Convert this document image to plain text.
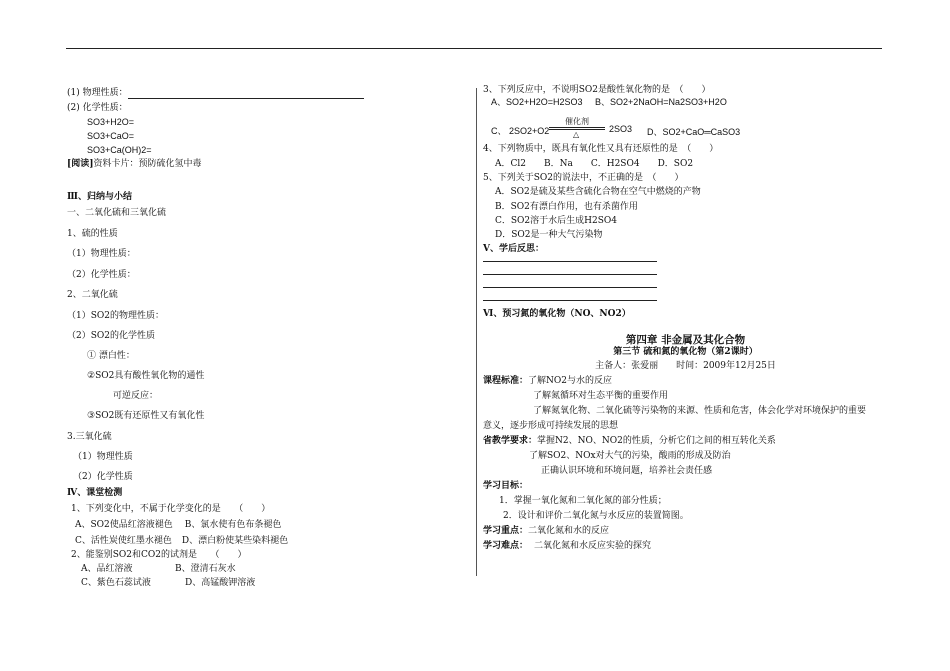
(1) 物理性质：
(2) 化学性质：
SO3+H2O=
SO3+CaO=
SO3+Ca(OH)2=
[阅读]资料卡片：预防硫化氢中毒
Ⅲ、归纳与小结
一、二氧化硫和三氧化硫
1、硫的性质
（1）物理性质：
（2）化学性质：
2、二氧化硫
（1）SO2的物理性质：
（2）SO2的化学性质
① 漂白性：
②SO2具有酸性氧化物的通性
可逆反应：
③SO2既有还原性又有氧化性
3.三氧化硫
（1）物理性质
（2）化学性质
Ⅳ、课堂检测
1、下列变化中，不属于化学变化的是　　（　　）
A、SO2使品红溶液褪色 B、氯水使有色布条褪色
C、活性炭使红墨水褪色 D、漂白粉使某些染料褪色
2、能鉴别SO2和CO2的试剂是　　（　　）
A、品红溶液	B、澄清石灰水
C、紫色石蕊试液	D、高锰酸钾溶液
3、下列反应中，不说明SO2是酸性氧化物的是　（　　）
A、SO2+H2O=H2SO3 B、SO2+2NaOH=Na2SO3+H2O
C、 2SO2+O2
催化剂
△
2SO3 D、SO2+CaO═CaSO3
4、下列物质中，既具有氧化性又具有还原性的是　（　　）
A．Cl2　　B．Na　　C．H2SO4　　D．SO2
5、下列关于SO2的说法中，不正确的是　（　　）
A．SO2是硫及某些含硫化合物在空气中燃烧的产物
B．SO2有漂白作用，也有杀菌作用
C．SO2溶于水后生成H2SO4
D．SO2是一种大气污染物
Ⅴ、学后反思：
Ⅵ、预习氮的氧化物（NO、NO2）
第四章 非金属及其化合物
第三节 硫和氮的氧化物（第2课时）
主备人：张爱丽　　时间：2009年12月25日
课程标准：了解NO2与水的反应
了解氮循环对生态平衡的重要作用
了解氮氧化物、二氧化硫等污染物的来源、性质和危害，体会化学对环境保护的重要
意义，逐步形成可持续发展的思想
省教学要求：掌握N2、NO、NO2的性质，分析它们之间的相互转化关系
了解SO2、NOx对大气的污染，酸雨的形成及防治
正确认识环境和环境问题，培养社会责任感
学习目标：
1．掌握一氧化氮和二氧化氮的部分性质；
2．设计和评价二氧化氮与水反应的装置简图。
学习重点：二氧化氮和水的反应
学习难点： 二氧化氮和水反应实验的探究
